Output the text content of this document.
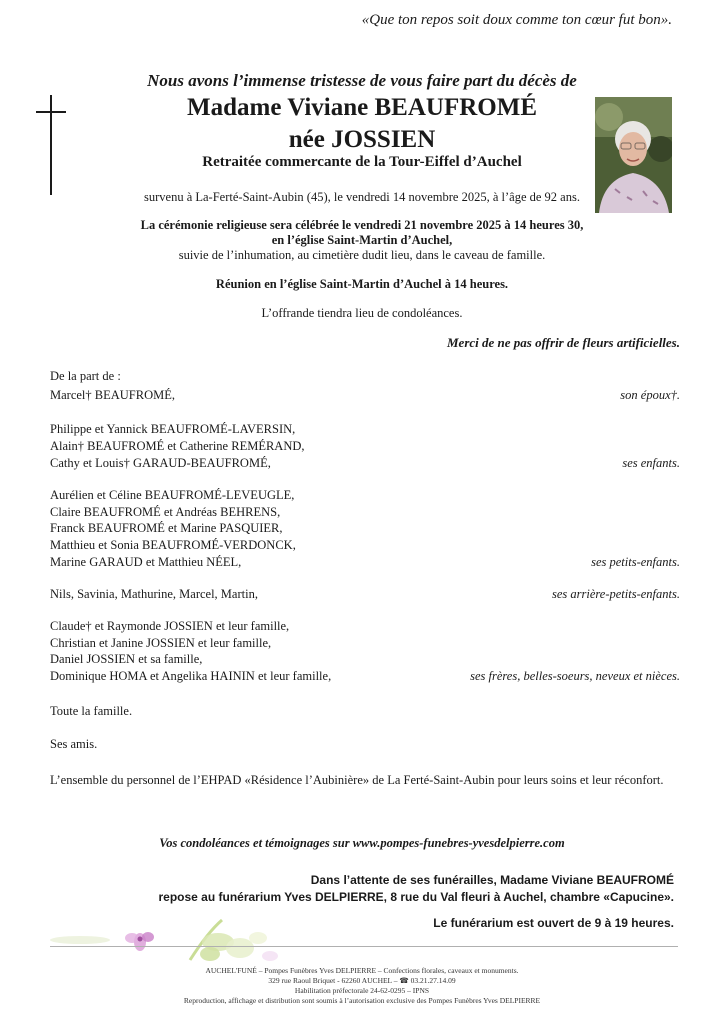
«Que ton repos soit doux comme ton cœur fut bon».
Nous avons l’immense tristesse de vous faire part du décès de
Madame Viviane BEAUFROMÉ
née JOSSIEN
Retraitée commercante de la Tour-Eiffel d’Auchel
survenu à La-Ferté-Saint-Aubin (45), le vendredi 14 novembre 2025, à l’âge de 92 ans.
La cérémonie religieuse sera célébrée le vendredi 21 novembre 2025 à 14 heures 30,
en l’église Saint-Martin d’Auchel,
suivie de l’inhumation, au cimetière dudit lieu, dans le caveau de famille.
Réunion en l’église Saint-Martin d’Auchel à 14 heures.
L’offrande tiendra lieu de condoléances.
Merci de ne pas offrir de fleurs artificielles.
De la part de :
Marcel† BEAUFROMÉ,	son époux†.
Philippe et Yannick BEAUFROMÉ-LAVERSIN,
Alain† BEAUFROMÉ et Catherine REMÉRAND,
Cathy et Louis† GARAUD-BEAUFROMÉ,	ses enfants.
Aurélien et Céline BEAUFROMÉ-LEVEUGLE,
Claire BEAUFROMÉ et Andréas BEHRENS,
Franck BEAUFROMÉ et Marine PASQUIER,
Matthieu et Sonia BEAUFROMÉ-VERDONCK,
Marine GARAUD et Matthieu NÉEL,	ses petits-enfants.
Nils, Savinia, Mathurine, Marcel, Martin,	ses arrière-petits-enfants.
Claude† et Raymonde JOSSIEN et leur famille,
Christian et Janine JOSSIEN et leur famille,
Daniel JOSSIEN et sa famille,
Dominique HOMA et Angelika HAININ et leur famille,	ses frères, belles-soeurs, neveux et nièces.
Toute la famille.
Ses amis.
L’ensemble du personnel de l’EHPAD «Résidence l’Aubinière» de La Ferté-Saint-Aubin pour leurs soins et leur réconfort.
Vos condoléances et témoignages sur www.pompes-funebres-yvesdelpierre.com
Dans l’attente de ses funérailles, Madame Viviane BEAUFROMÉ
repose au funérarium Yves DELPIERRE, 8 rue du Val fleuri à Auchel, chambre «Capucine».
Le funérarium est ouvert de 9 à 19 heures.
AUCHEL'FUNÉ – Pompes Funèbres Yves DELPIERRE – Confections florales, caveaux et monuments.
329 rue Raoul Briquet - 62260 AUCHEL – ☎ 03.21.27.14.09
Habilitation préfectorale 24-62-0295 – IPNS
Reproduction, affichage et distribution sont soumis à l’autorisation exclusive des Pompes Funèbres Yves DELPIERRE
